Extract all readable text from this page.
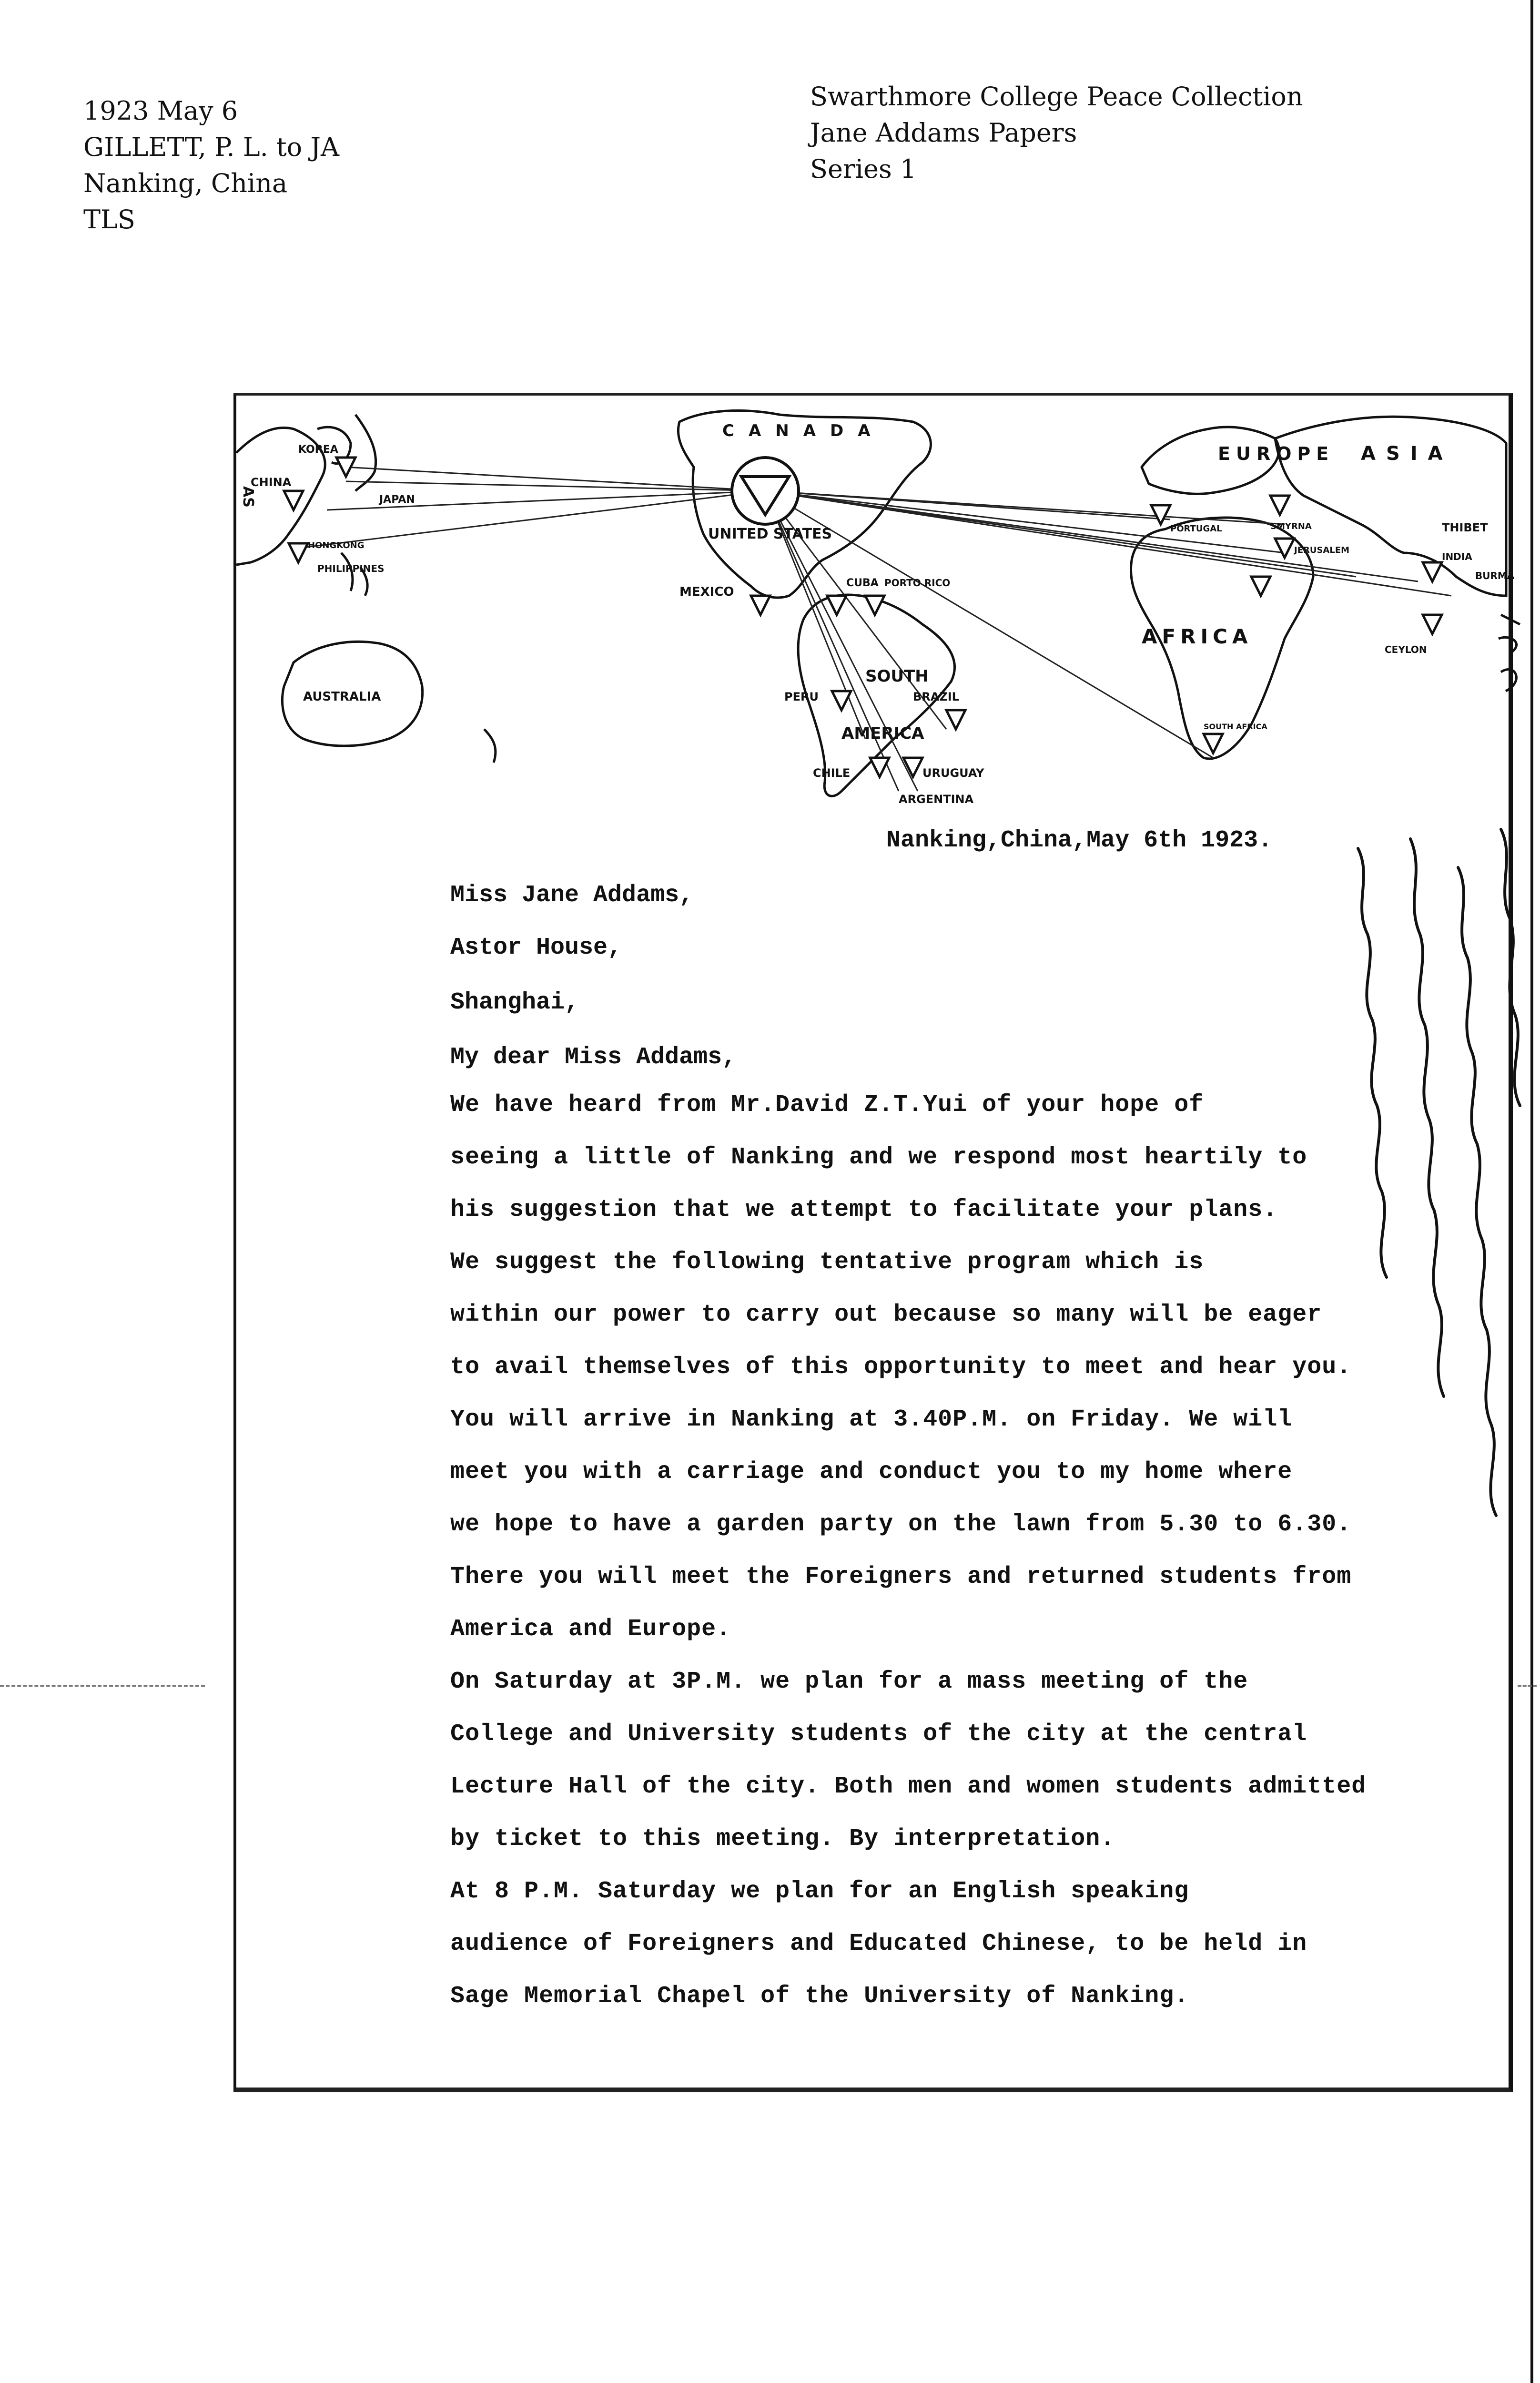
1923 May 6
GILLETT, P. L. to JA
Nanking, China
TLS
Swarthmore College Peace Collection
Jane Addams Papers
Series 1
CANADA
UNITED STATES
MEXICO
CUBA PORTO RICO
SOUTH
AMERICA
PERU	BRAZIL
CHILE	URUGUAY
ARGENTINA
EUROPE
PORTUGAL	SMYRNA
JERUSALEM
ASIA
THIBET
INDIA
BURMA
CEYLON
AFRICA
SOUTH AFRICA
CHINA
KOREA
JAPAN
HONGKONG
PHILIPPINES
AUSTRALIA
AS
Nanking,China,May 6th 1923.
Miss Jane Addams,
Astor House,
Shanghai,
My dear Miss Addams,
We have heard from Mr.David Z.T.Yui of your hope of
seeing a little of Nanking and we respond most heartily to
his suggestion that we attempt to facilitate your plans.
We suggest the following tentative program which is
within our power to carry out because so many will be eager
to avail themselves of this opportunity to meet and hear you.
You will arrive in Nanking at 3.40P.M. on Friday. We will
meet you with a carriage and conduct you to my home where
we hope to have a garden party on the lawn from 5.30 to 6.30.
There you will meet the Foreigners and returned students from
America and Europe.
On Saturday at 3P.M. we plan for a mass meeting of the
College and University students of the city at the central
Lecture Hall of the city. Both men and women students admitted
by ticket to this meeting. By interpretation.
At 8 P.M. Saturday we plan for an English speaking
audience of Foreigners and Educated Chinese, to be held in
Sage Memorial Chapel of the University of Nanking.
